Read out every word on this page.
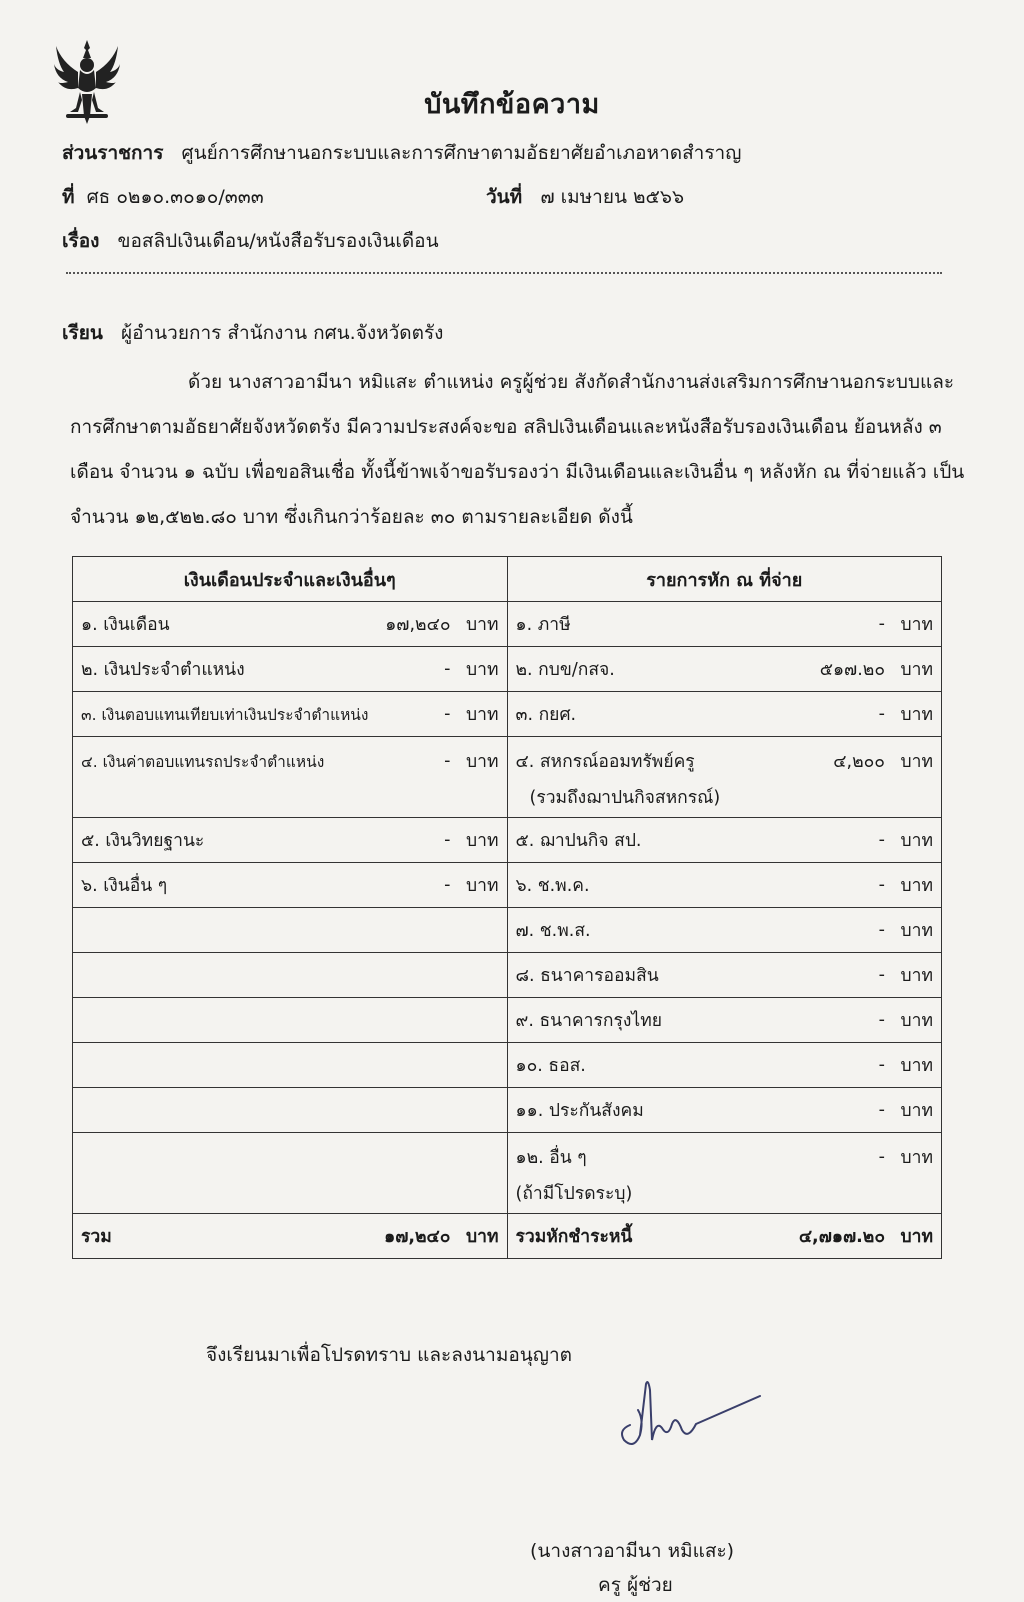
บันทึกข้อความ
ส่วนราชการ ศูนย์การศึกษานอกระบบและการศึกษาตามอัธยาศัยอำเภอหาดสำราญ
ที่ ศธ ๐๒๑๐.๓๐๑๐/๓๓๓	วันที่ ๗ เมษายน ๒๕๖๖
เรื่อง ขอสลิปเงินเดือน/หนังสือรับรองเงินเดือน
เรียน ผู้อำนวยการ สำนักงาน กศน.จังหวัดตรัง
ด้วย นางสาวอามีนา หมิแสะ ตำแหน่ง ครูผู้ช่วย สังกัดสำนักงานส่งเสริมการศึกษานอกระบบและ
การศึกษาตามอัธยาศัยจังหวัดตรัง มีความประสงค์จะขอ สลิปเงินเดือนและหนังสือรับรองเงินเดือน ย้อนหลัง ๓
เดือน จำนวน ๑ ฉบับ เพื่อขอสินเชื่อ ทั้งนี้ข้าพเจ้าขอรับรองว่า มีเงินเดือนและเงินอื่น ๆ หลังหัก ณ ที่จ่ายแล้ว เป็น
จำนวน ๑๒,๕๒๒.๘๐ บาท ซึ่งเกินกว่าร้อยละ ๓๐ ตามรายละเอียด ดังนี้
เงินเดือนประจำและเงินอื่นๆ	รายการหัก ณ ที่จ่าย

๑. เงินเดือน ๑๗,๒๔๐ บาท	๑. ภาษี - บาท

๒. เงินประจำตำแหน่ง - บาท	๒. กบข/กสจ. ๕๑๗.๒๐ บาท

๓. เงินตอบแทนเทียบเท่าเงินประจำตำแหน่ง - บาท	๓. กยศ. - บาท

๔. เงินค่าตอบแทนรถประจำตำแหน่ง - บาท	๔. สหกรณ์ออมทรัพย์ครู ๔,๒๐๐ บาท
(รวมถึงฌาปนกิจสหกรณ์)

๕. เงินวิทยฐานะ - บาท	๕. ฌาปนกิจ สป. - บาท

๖. เงินอื่น ๆ - บาท	๖. ช.พ.ค. - บาท

	๗. ช.พ.ส. - บาท

	๘. ธนาคารออมสิน - บาท

	๙. ธนาคารกรุงไทย - บาท

	๑๐. ธอส. - บาท

	๑๑. ประกันสังคม - บาท

	๑๒. อื่น ๆ - บาท
(ถ้ามีโปรดระบุ)

รวม ๑๗,๒๔๐ บาท	รวมหักชำระหนี้ ๔,๗๑๗.๒๐ บาท
จึงเรียนมาเพื่อโปรดทราบ และลงนามอนุญาต
(นางสาวอามีนา หมิแสะ)
ครู ผู้ช่วย
